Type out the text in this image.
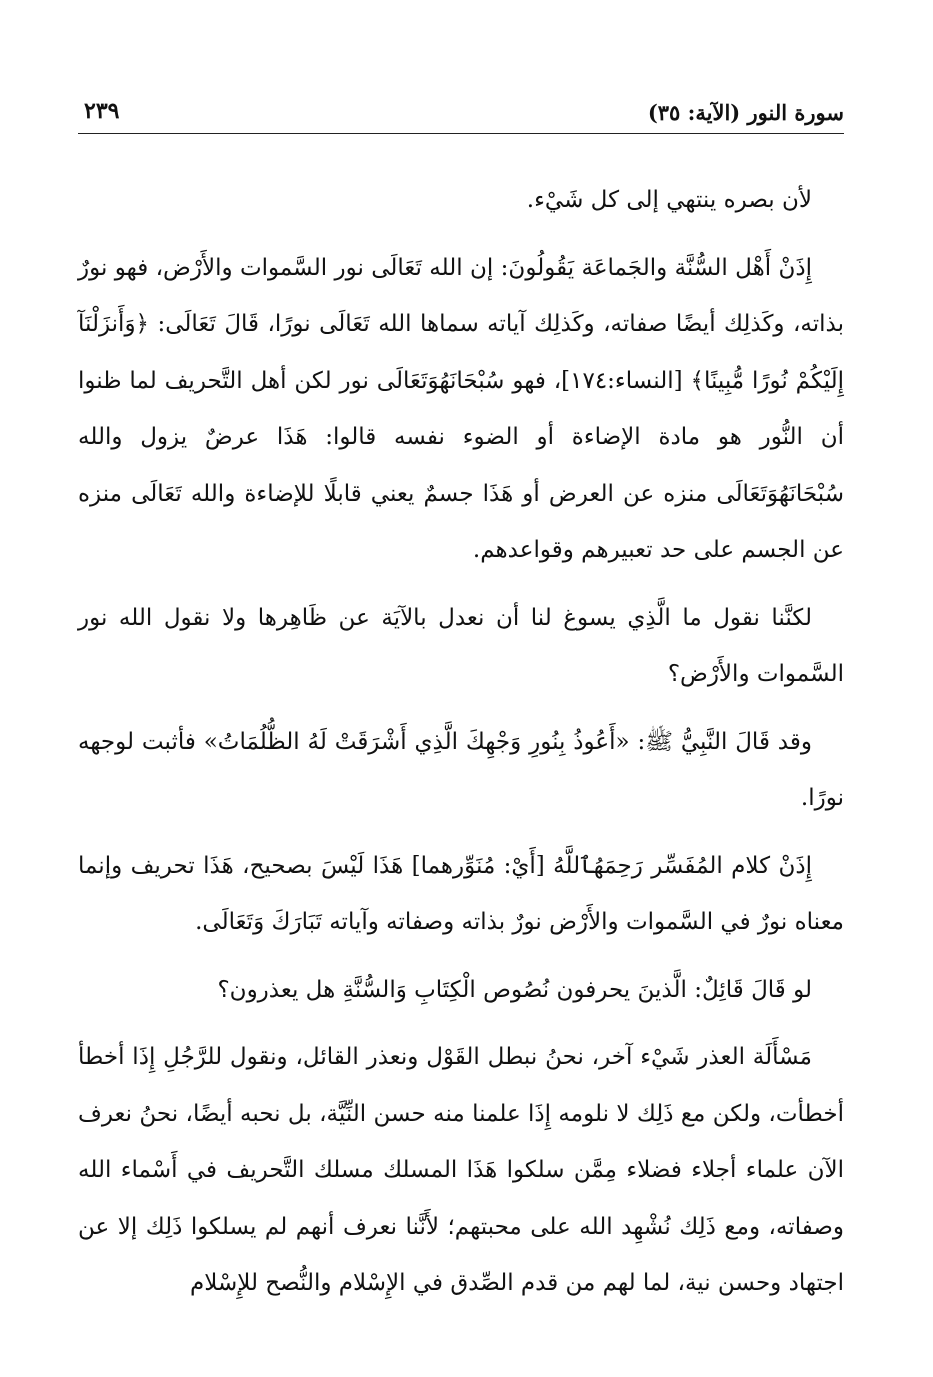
سورة النور (الآية: ٣٥)
٢٣٩

لأن بصره ينتهي إلى كل شَيْء.

إِذَنْ أَهْل السُّنَّة والجَماعَة يَقُولُونَ: إن الله تَعَالَى نور السَّموات والأَرْض، فهو نورٌ بذاته، وكَذلِك أيضًا صفاته، وكَذلِك آياته سماها الله تَعَالَى نورًا، قَالَ تَعَالَى: ﴿وَأَنزَلْنَآ إِلَيْكُمْ نُورًا مُّبِينًا﴾ [النساء:١٧٤]، فهو سُبْحَانَهُوَتَعَالَى نور لكن أهل التَّحريف لما ظنوا أن النُّور هو مادة الإضاءة أو الضوء نفسه قالوا: هَذَا عرضٌ يزول والله سُبْحَانَهُوَتَعَالَى منزه عن العرض أو هَذَا جسمٌ يعني قابلًا للإضاءة والله تَعَالَى منزه عن الجسم على حد تعبيرهم وقواعدهم.

لكنَّنا نقول ما الَّذِي يسوغ لنا أن نعدل بالآيَة عن ظَاهِرها ولا نقول الله نور السَّموات والأَرْض؟

وقد قَالَ النَّبِيُّ ﷺ: «أَعُوذُ بِنُورِ وَجْهِكَ الَّذِي أَشْرَقَتْ لَهُ الظُّلُمَاتُ» فأثبت لوجهه نورًا.

إِذَنْ كلام المُفَسِّر رَحِمَهُٱللَّهُ [أَيْ: مُنَوِّرهما] هَذَا لَيْسَ بصحيح، هَذَا تحريف وإنما معناه نورٌ في السَّموات والأَرْض نورٌ بذاته وصفاته وآياته تَبَارَكَ وَتَعَالَى.

لو قَالَ قَائِلٌ: الَّذينَ يحرفون نُصُوص الْكِتَابِ وَالسُّنَّةِ هل يعذرون؟

مَسْأَلَة العذر شَيْء آخر، نحنُ نبطل القَوْل ونعذر القائل، ونقول للرَّجُلِ إِذَا أخطأ أخطأت، ولكن مع ذَلِك لا نلومه إِذَا علمنا منه حسن النِّيَّة، بل نحبه أيضًا، نحنُ نعرف الآن علماء أجلاء فضلاء مِمَّن سلكوا هَذَا المسلك مسلك التَّحريف في أَسْماء الله وصفاته، ومع ذَلِك نُشْهِد الله على محبتهم؛ لأَنَّنا نعرف أنهم لم يسلكوا ذَلِك إلا عن اجتهاد وحسن نية، لما لهم من قدم الصِّدق في الإِسْلام والنُّصح للإِسْلام
